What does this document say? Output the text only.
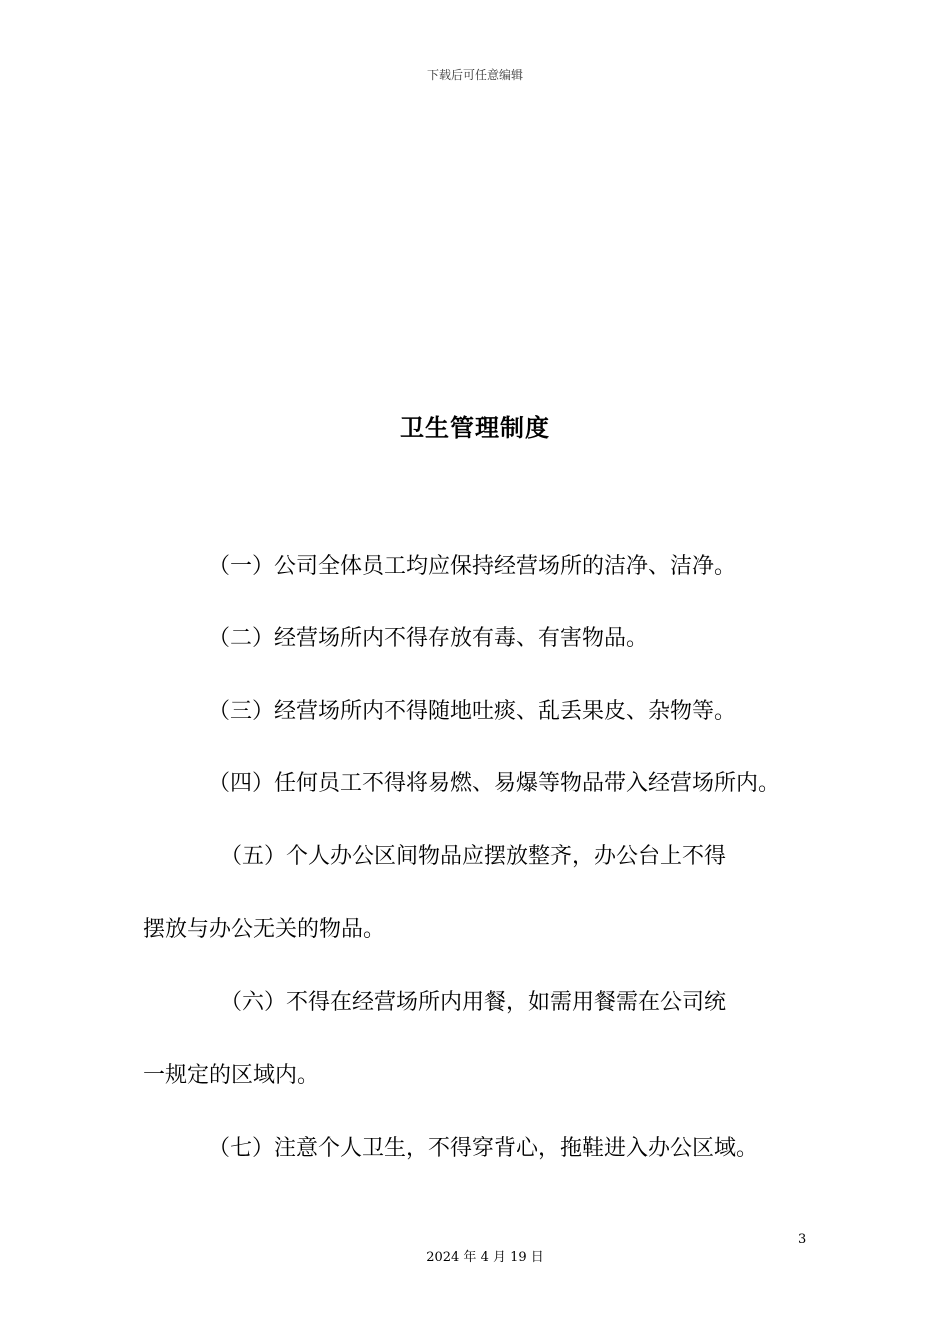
下载后可任意编辑
卫生管理制度
（一）公司全体员工均应保持经营场所的洁净、洁净。
（二）经营场所内不得存放有毒、有害物品。
（三）经营场所内不得随地吐痰、乱丢果皮、杂物等。
（四）任何员工不得将易燃、易爆等物品带入经营场所内。
（五）个人办公区间物品应摆放整齐，办公台上不得
摆放与办公无关的物品。
（六）不得在经营场所内用餐，如需用餐需在公司统
一规定的区域内。
（七）注意个人卫生，不得穿背心，拖鞋进入办公区域。
3
2024 年 4 月 19 日
